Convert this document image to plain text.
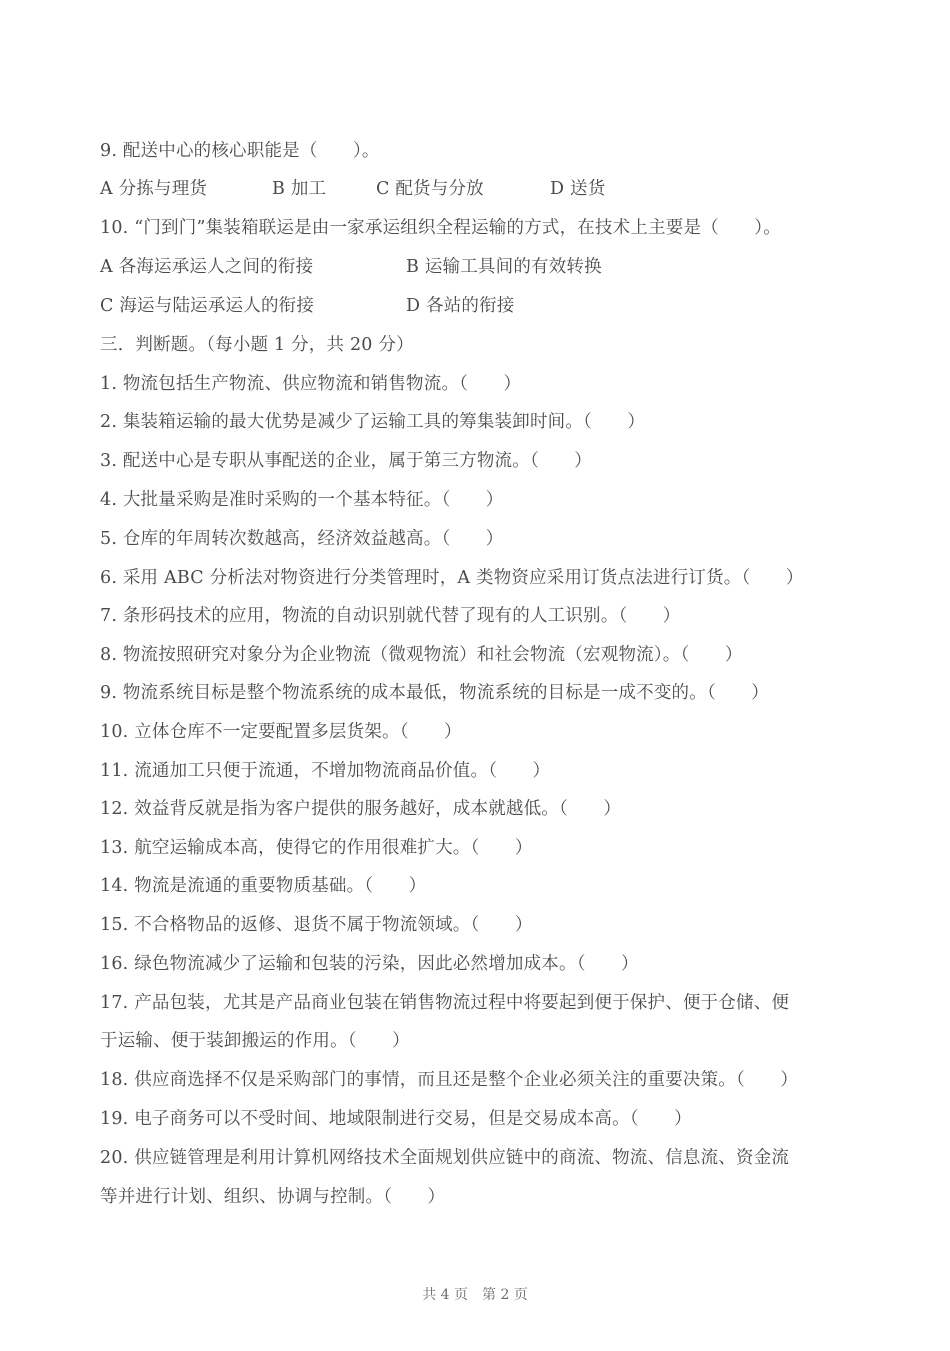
9. 配送中心的核心职能是（　　）。
A 分拣与理货	B 加工	C 配货与分放	D 送货
10. “门到门”集装箱联运是由一家承运组织全程运输的方式，在技术上主要是（　　）。
A 各海运承运人之间的衔接	B 运输工具间的有效转换
C 海运与陆运承运人的衔接	D 各站的衔接
三．判断题。（每小题 1 分，共 20 分）
1. 物流包括生产物流、供应物流和销售物流。（　　）
2. 集装箱运输的最大优势是减少了运输工具的筹集装卸时间。（　　）
3. 配送中心是专职从事配送的企业，属于第三方物流。（　　）
4. 大批量采购是准时采购的一个基本特征。（　　）
5. 仓库的年周转次数越高，经济效益越高。（　　）
6. 采用 ABC 分析法对物资进行分类管理时，A 类物资应采用订货点法进行订货。（　　）
7. 条形码技术的应用，物流的自动识别就代替了现有的人工识别。（　　）
8. 物流按照研究对象分为企业物流（微观物流）和社会物流（宏观物流）。（　　）
9. 物流系统目标是整个物流系统的成本最低，物流系统的目标是一成不变的。（　　）
10. 立体仓库不一定要配置多层货架。（　　）
11. 流通加工只便于流通，不增加物流商品价值。（　　）
12. 效益背反就是指为客户提供的服务越好，成本就越低。（　　）
13. 航空运输成本高，使得它的作用很难扩大。（　　）
14. 物流是流通的重要物质基础。（　　）
15. 不合格物品的返修、退货不属于物流领域。（　　）
16. 绿色物流减少了运输和包装的污染，因此必然增加成本。（　　）
17. 产品包装，尤其是产品商业包装在销售物流过程中将要起到便于保护、便于仓储、便
于运输、便于装卸搬运的作用。（　　）
18. 供应商选择不仅是采购部门的事情，而且还是整个企业必须关注的重要决策。（　　）
19. 电子商务可以不受时间、地域限制进行交易，但是交易成本高。（　　）
20. 供应链管理是利用计算机网络技术全面规划供应链中的商流、物流、信息流、资金流
等并进行计划、组织、协调与控制。（　　）
共 4 页　第 2 页
